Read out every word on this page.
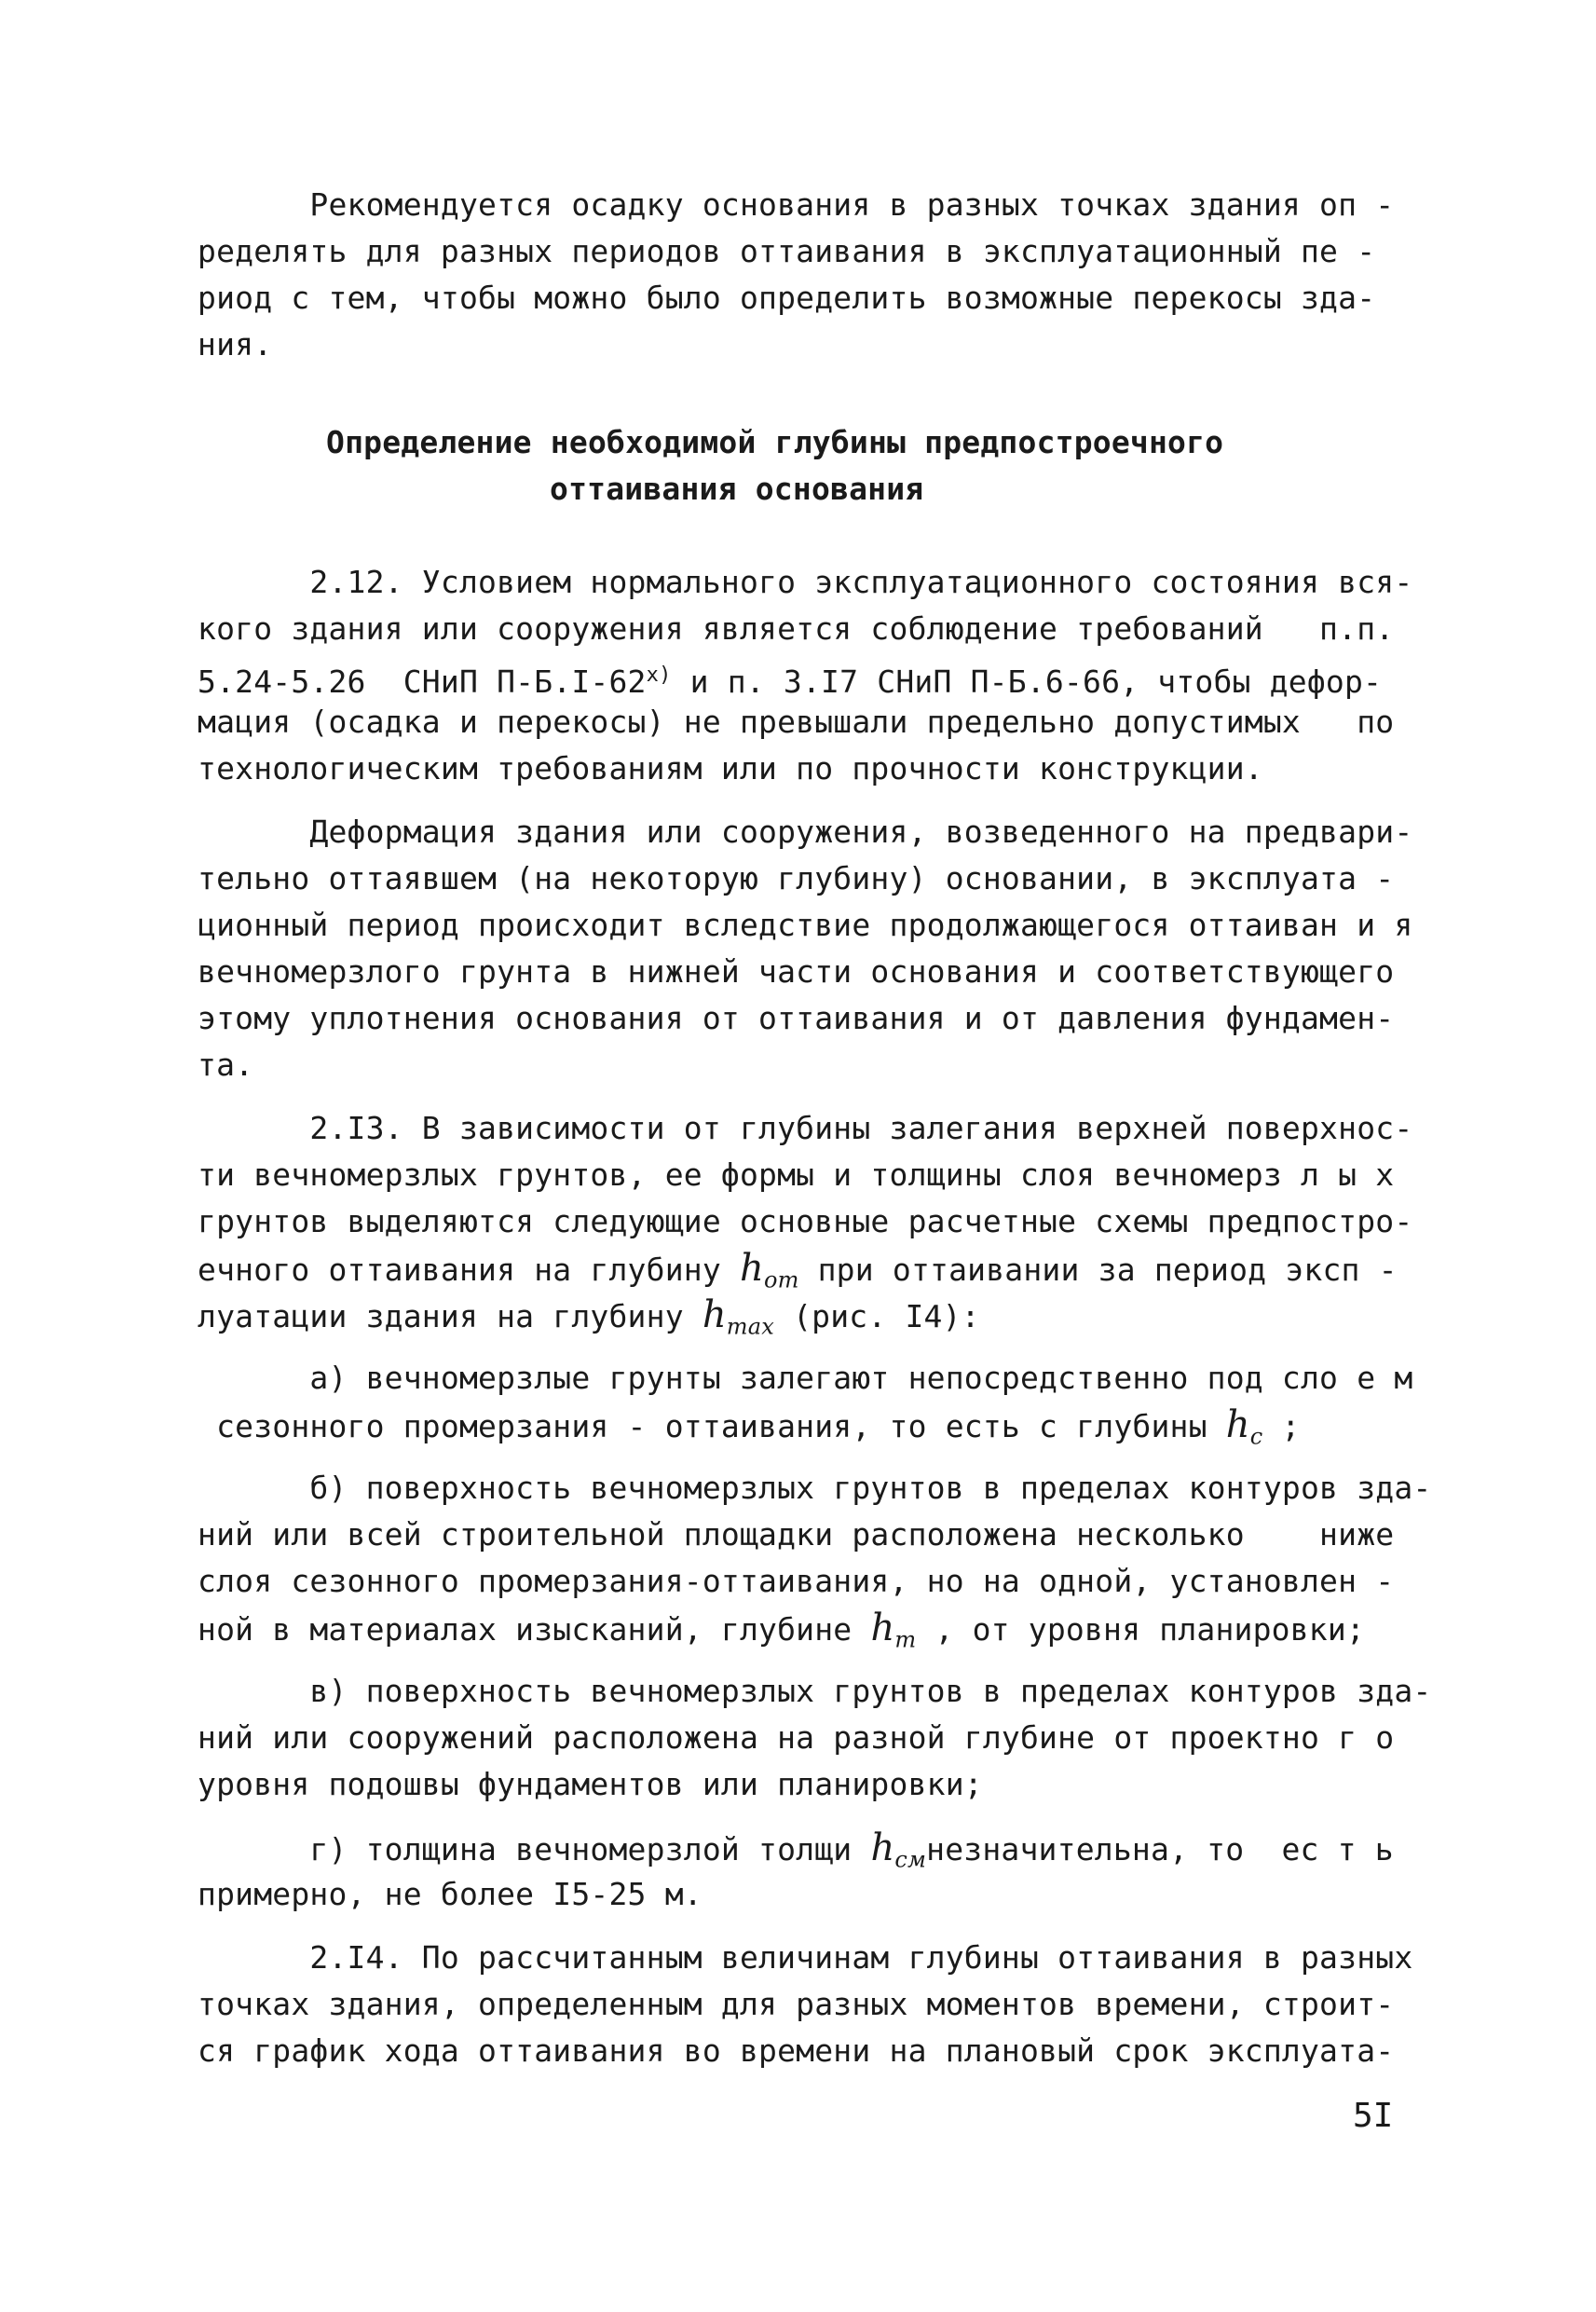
Рекомендуется осадку основания в разных точках здания оп -
ределять для разных периодов оттаивания в эксплуатационный пе -
риод с тем, чтобы можно было определить возможные перекосы зда-
ния.
Определение необходимой глубины предпостроечного
оттаивания основания
2.12. Условием нормального эксплуатационного состояния вся-
кого здания или сооружения является соблюдение требований   п.п.
5.24-5.26  СНиП П-Б.I-62$^{x)}$ и п. 3.I7 СНиП П-Б.6-66, чтобы дефор-
мация (осадка и перекосы) не превышали предельно допустимых   по
технологическим требованиям или по прочности конструкции.
Деформация здания или сооружения, возведенного на предвари-
тельно оттаявшем (на некоторую глубину) основании, в эксплуата -
ционный период происходит вследствие продолжающегося оттаиван и я
вечномерзлого грунта в нижней части основания и соответствующего
этому уплотнения основания от оттаивания и от давления фундамен-
та.
2.I3. В зависимости от глубины залегания верхней поверхнос-
ти вечномерзлых грунтов, ее формы и толщины слоя вечномерз л ы х
грунтов выделяются следующие основные расчетные схемы предпостро-
ечного оттаивания на глубину $h_{от}$ при оттаивании за период эксп -
луатации здания на глубину $h_{max}$ (рис. I4):
а) вечномерзлые грунты залегают непосредственно под сло е м
сезонного промерзания - оттаивания, то есть с глубины $h_с$ ;
б) поверхность вечномерзлых грунтов в пределах контуров зда-
ний или всей строительной площадки расположена несколько    ниже
слоя сезонного промерзания-оттаивания, но на одной, установлен -
ной в материалах изысканий, глубине $h_т$ , от уровня планировки;
в) поверхность вечномерзлых грунтов в пределах контуров зда-
ний или сооружений расположена на разной глубине от проектно г о
уровня подошвы фундаментов или планировки;
г) толщина вечномерзлой толщи $h_{см}незначительна$, то  ес т ь
примерно, не более I5-25 м.
2.I4. По рассчитанным величинам глубины оттаивания в разных
точках здания, определенным для разных моментов времени, строит-
ся график хода оттаивания во времени на плановый срок эксплуата-
5I
